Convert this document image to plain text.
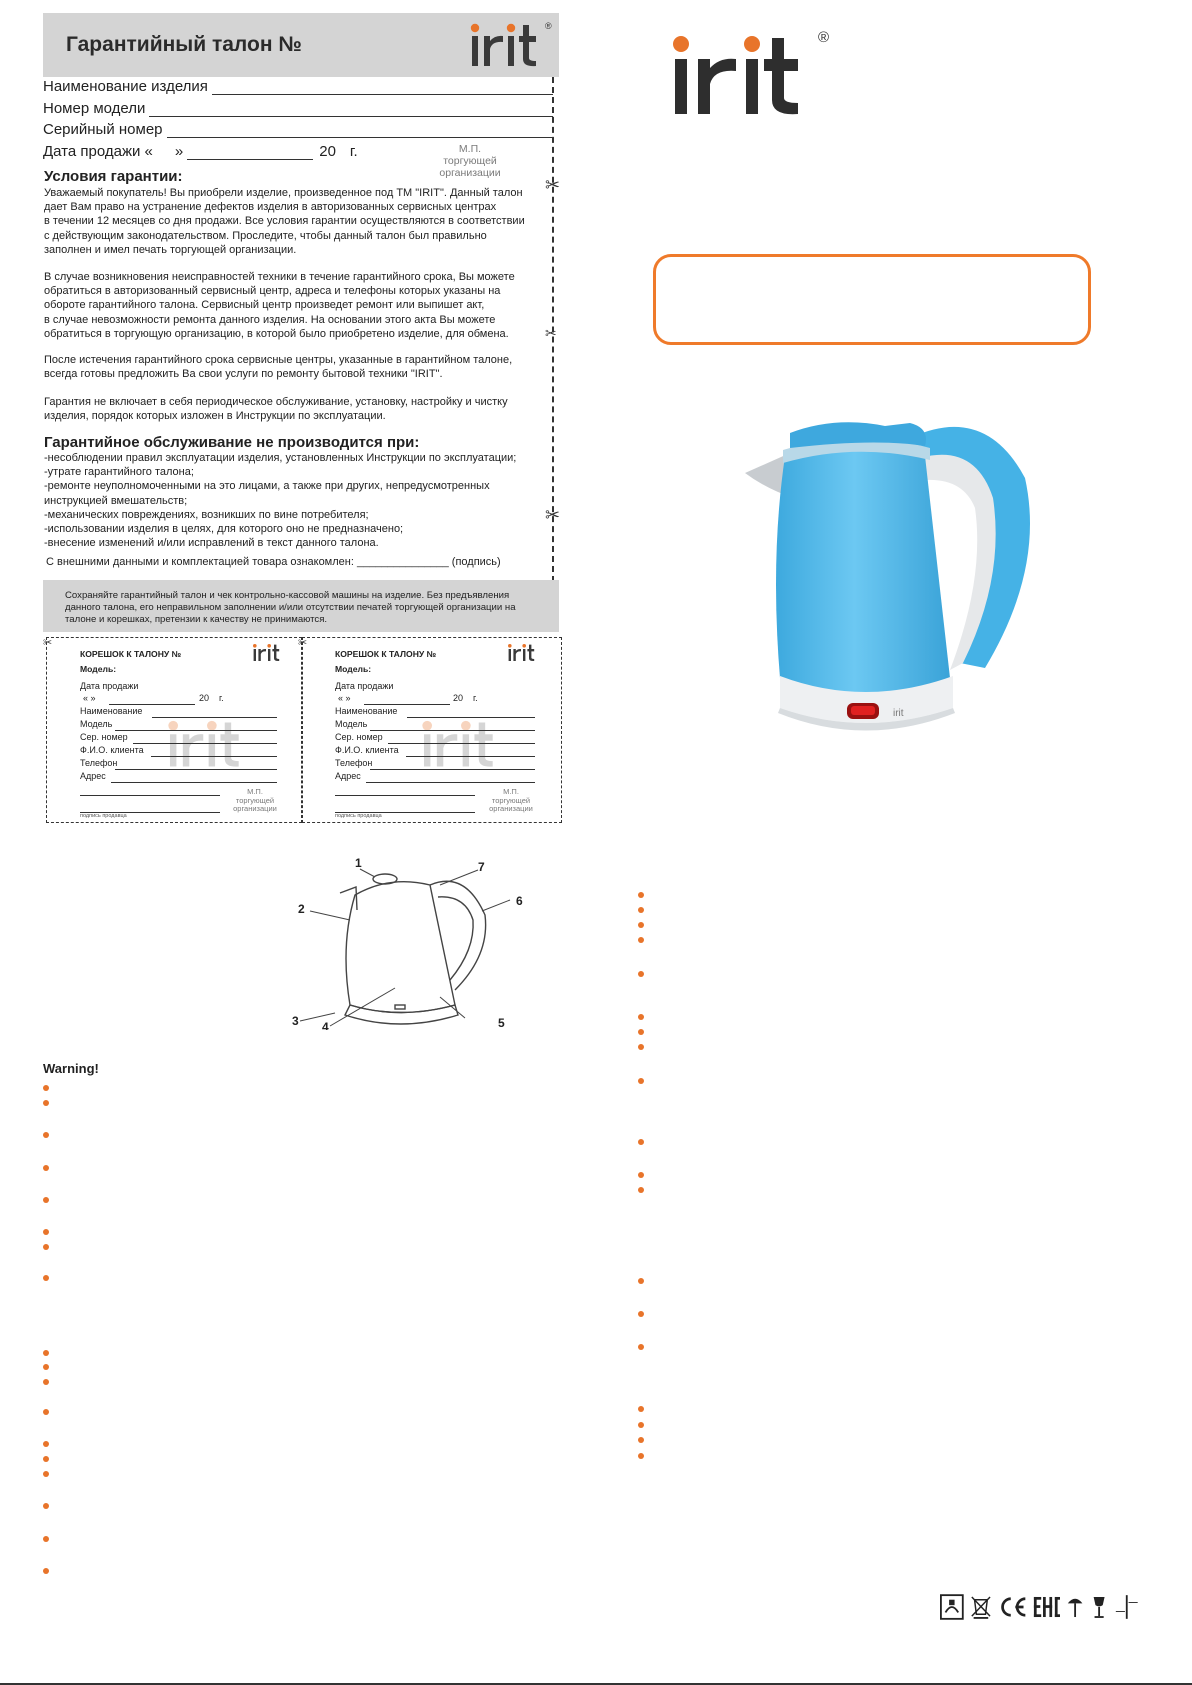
Гарантийный талон №
®
✂
✂
✂
Наименование изделия
Номер модели
Серийный номер
Дата продажи « »	20 г.	М.П.
торгующей
организации
Условия гарантии:
Уважаемый покупатель! Вы приобрели изделие, произведенное под ТМ "IRIT". Данный талон
дает Вам право на устранение дефектов изделия в авторизованных сервисных центрах
в течении 12 месяцев со дня продажи. Все условия гарантии осуществляются в соответствии
с действующим законодательством. Проследите, чтобы данный талон был правильно
заполнен и имел печать торгующей организации.
В случае возникновения неисправностей техники в течение гарантийного срока, Вы можете
обратиться в авторизованный сервисный центр, адреса и телефоны которых указаны на
обороте гарантийного талона. Сервисный центр произведет ремонт или выпишет акт,
в случае невозможности ремонта данного изделия. На основании этого акта Вы можете
обратиться в торгующую организацию, в которой было приобретено изделие, для обмена.
После истечения гарантийного срока сервисные центры, указанные в гарантийном талоне,
всегда готовы предложить Ва свои услуги по ремонту бытовой техники "IRIT".
Гарантия не включает в себя периодическое обслуживание, установку, настройку и чистку
изделия, порядок которых изложен в Инструкции по эксплуатации.
Гарантийное обслуживание не производится при:
-несоблюдении правил эксплуатации изделия, установленных Инструкции по эксплуатации;
-утрате гарантийного талона;
-ремонте неуполномоченными на это лицами, а также при других, непредусмотренных
инструкцией вмешательств;
-механических повреждениях, возникших по вине потребителя;
-использовании изделия в целях, для которого оно не предназначено;
-внесение изменений и/или исправлений в текст данного талона.
С внешними данными и комплектацией товара ознакомлен: _______________ (подпись)
Сохраняйте гарантийный талон и чек контрольно-кассовой машины на изделие. Без предъявления
данного талона, его неправильном заполнении и/или отсутствии печатей торгующей организации на
талоне и корешках, претензии к качеству не принимаются.
✂	✂
КОРЕШОК К ТАЛОНУ №
Модель:
Дата продажи
« »	20 г.
Наименование
Модель
Сер. номер
Ф.И.О. клиента
Телефон
Адрес
М.П.
торгующей
организации
подпись продавца
КОРЕШОК К ТАЛОНУ №
Модель:
Дата продажи
« »	20 г.
Наименование
Модель
Сер. номер
Ф.И.О. клиента
Телефон
Адрес
М.П.
торгующей
организации
подпись продавца
®
irit
1
2
3 4	5
6
7
Warning!
